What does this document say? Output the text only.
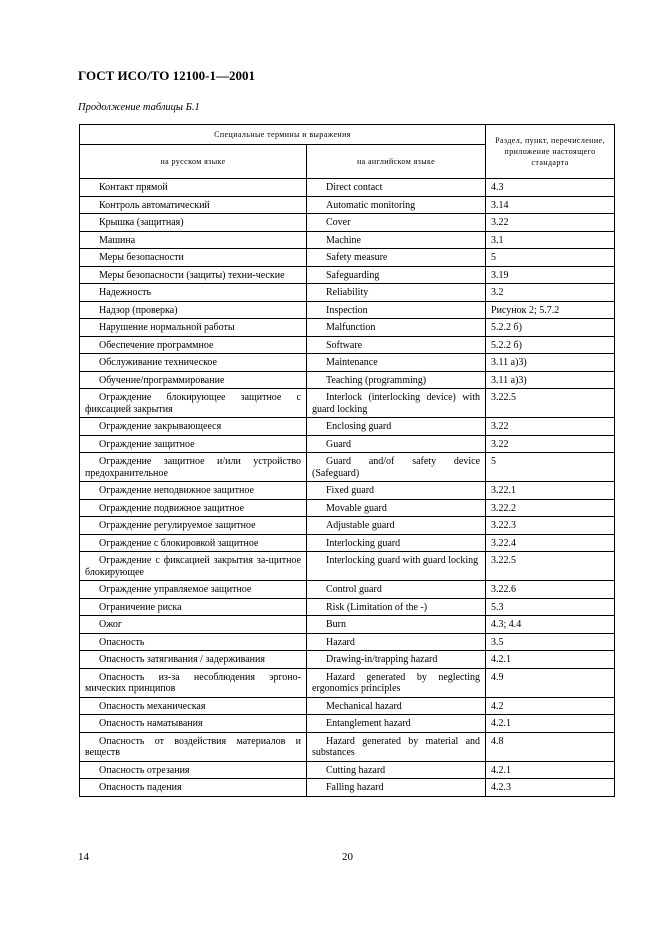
ГОСТ ИСО/ТО 12100-1—2001
Продолжение таблицы Б.1
Специальные термины и выражения		Раздел, пункт, перечисление, приложение настоящего стандарта
на русском языке	на английском языке	
Контакт прямой	Direct contact	4.3
Контроль автоматический	Automatic monitoring	3.14
Крышка (защитная)	Cover	3.22
Машина	Machine	3.1
Меры безопасности	Safety measure	5
Меры безопасности (защиты) техни-ческие	Safeguarding	3.19
Надежность	Reliability	3.2
Надзор (проверка)	Inspection	Рисунок 2; 5.7.2
Нарушение нормальной работы	Malfunction	5.2.2 б)
Обеспечение программное	Software	5.2.2 б)
Обслуживание техническое	Maintenance	3.11 а)3)
Обучение/программирование	Teaching (programming)	3.11 а)3)
Ограждение блокирующее защитное с фиксацией закрытия	Interlock (interlocking device) with guard locking	3.22.5
Ограждение закрывающееся	Enclosing guard	3.22
Ограждение защитное	Guard	3.22
Ограждение защитное и/или устройство предохранительное	Guard and/of safety device (Safeguard)	5
Ограждение неподвижное защитное	Fixed guard	3.22.1
Ограждение подвижное защитное	Movable guard	3.22.2
Ограждение регулируемое защитное	Adjustable guard	3.22.3
Ограждение с блокировкой защитное	Interlocking guard	3.22.4
Ограждение с фиксацией закрытия за-щитное блокирующее	Interlocking guard with guard locking	3.22.5
Ограждение управляемое защитное	Control guard	3.22.6
Ограничение риска	Risk (Limitation of the -)	5.3
Ожог	Burn	4.3; 4.4
Опасность	Hazard	3.5
Опасность затягивания / задерживания	Drawing-in/trapping hazard	4.2.1
Опасность из-за несоблюдения эргоно-мических принципов	Hazard generated by neglecting ergonomics principles	4.9
Опасность механическая	Mechanical hazard	4.2
Опасность наматывания	Entanglement hazard	4.2.1
Опасность от воздействия материалов и веществ	Hazard generated by material and substances	4.8
Опасность отрезания	Cutting hazard	4.2.1
Опасность падения	Falling hazard	4.2.3
14	20
